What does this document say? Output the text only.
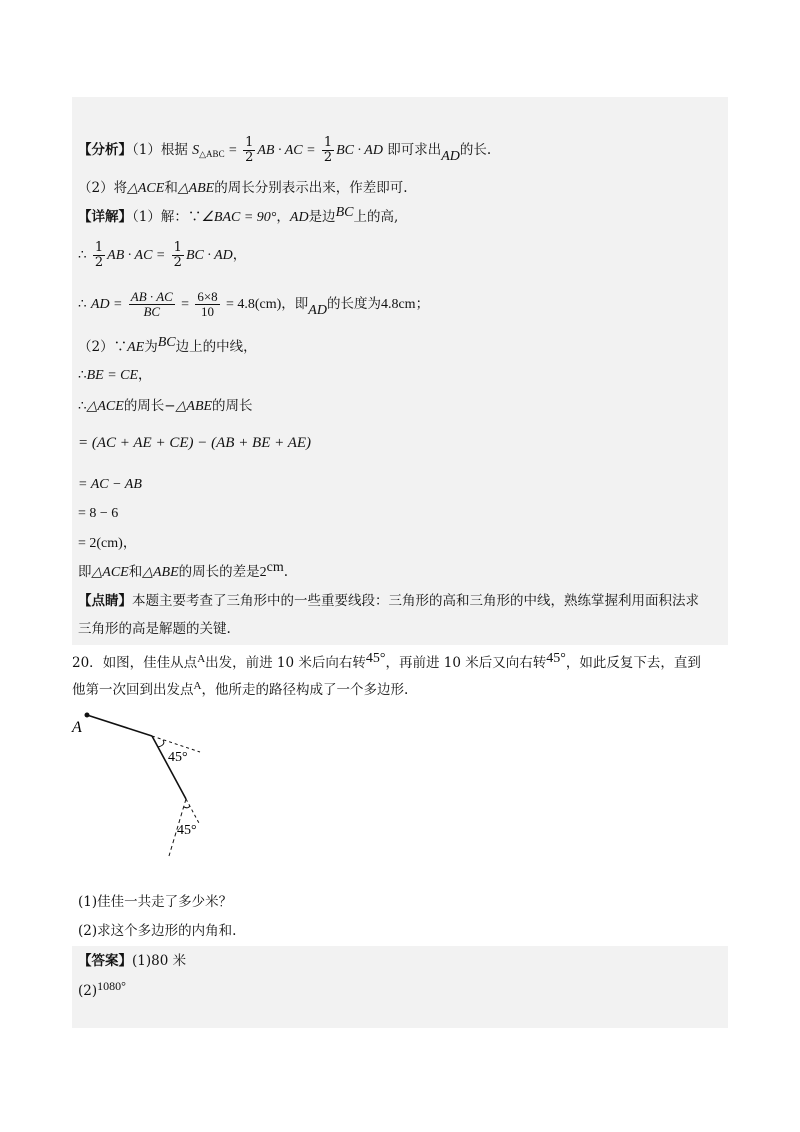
【分析】（1）根据 $S_{\triangle ABC} = \frac{1}{2}$ AB · AC = $\frac{1}{2}$ BC · AD 即可求出AD的长.
（2）将△ACE和△ABE的周长分别表示出来，作差即可.
【详解】（1）解：∵∠BAC = 90°，AD是边BC上的高,
∴ $\frac{1}{2}$ AB · AC = $\frac{1}{2}$ BC · AD，
∴ AD = $\frac{AB \cdot AC}{BC} = \frac{6\times 8}{10} = 4.8(cm)$，即AD的长度为4.8cm；
（2）∵AE为BC边上的中线，
∴BE = CE，
∴△ACE的周长−△ABE的周长
= (AC + AE + CE) − (AB + BE + AE)
= AC − AB
= 8 − 6
= 2(cm)，
即△ACE和△ABE的周长的差是2cm.
【点睛】本题主要考查了三角形中的一些重要线段：三角形的高和三角形的中线，熟练掌握利用面积法求
三角形的高是解题的关键.
20．如图，佳佳从点$^A$出发，前进 10 米后向右转45°，再前进 10 米后又向右转45°，如此反复下去，直到
他第一次回到出发点$^A$，他所走的路径构成了一个多边形.
A
45°
45°
(1)佳佳一共走了多少米？
(2)求这个多边形的内角和.
【答案】(1)80 米
(2)1080°
